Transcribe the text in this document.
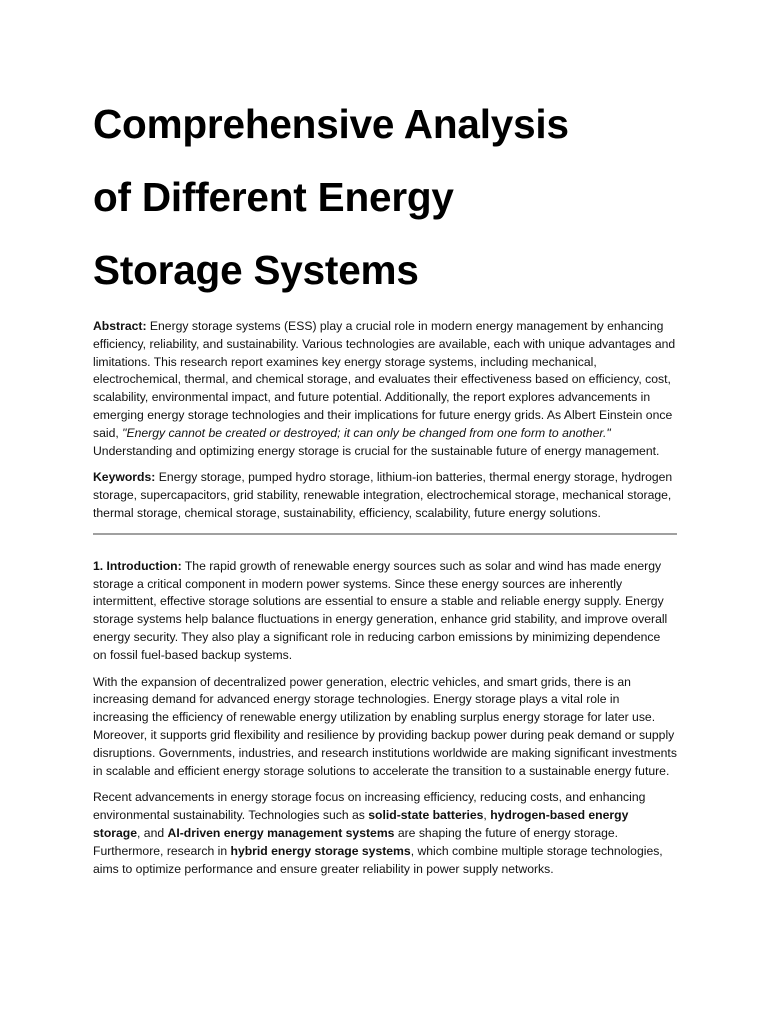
Comprehensive Analysis
of Different Energy
Storage Systems

Abstract: Energy storage systems (ESS) play a crucial role in modern energy management by enhancing efficiency, reliability, and sustainability. Various technologies are available, each with unique advantages and limitations. This research report examines key energy storage systems, including mechanical, electrochemical, thermal, and chemical storage, and evaluates their effectiveness based on efficiency, cost, scalability, environmental impact, and future potential. Additionally, the report explores advancements in emerging energy storage technologies and their implications for future energy grids. As Albert Einstein once said, "Energy cannot be created or destroyed; it can only be changed from one form to another." Understanding and optimizing energy storage is crucial for the sustainable future of energy management.

Keywords: Energy storage, pumped hydro storage, lithium-ion batteries, thermal energy storage, hydrogen storage, supercapacitors, grid stability, renewable integration, electrochemical storage, mechanical storage, thermal storage, chemical storage, sustainability, efficiency, scalability, future energy solutions.

1. Introduction: The rapid growth of renewable energy sources such as solar and wind has made energy storage a critical component in modern power systems. Since these energy sources are inherently intermittent, effective storage solutions are essential to ensure a stable and reliable energy supply. Energy storage systems help balance fluctuations in energy generation, enhance grid stability, and improve overall energy security. They also play a significant role in reducing carbon emissions by minimizing dependence on fossil fuel-based backup systems.

With the expansion of decentralized power generation, electric vehicles, and smart grids, there is an increasing demand for advanced energy storage technologies. Energy storage plays a vital role in increasing the efficiency of renewable energy utilization by enabling surplus energy storage for later use. Moreover, it supports grid flexibility and resilience by providing backup power during peak demand or supply disruptions. Governments, industries, and research institutions worldwide are making significant investments in scalable and efficient energy storage solutions to accelerate the transition to a sustainable energy future.

Recent advancements in energy storage focus on increasing efficiency, reducing costs, and enhancing environmental sustainability. Technologies such as solid-state batteries, hydrogen-based energy storage, and AI-driven energy management systems are shaping the future of energy storage. Furthermore, research in hybrid energy storage systems, which combine multiple storage technologies, aims to optimize performance and ensure greater reliability in power supply networks.
